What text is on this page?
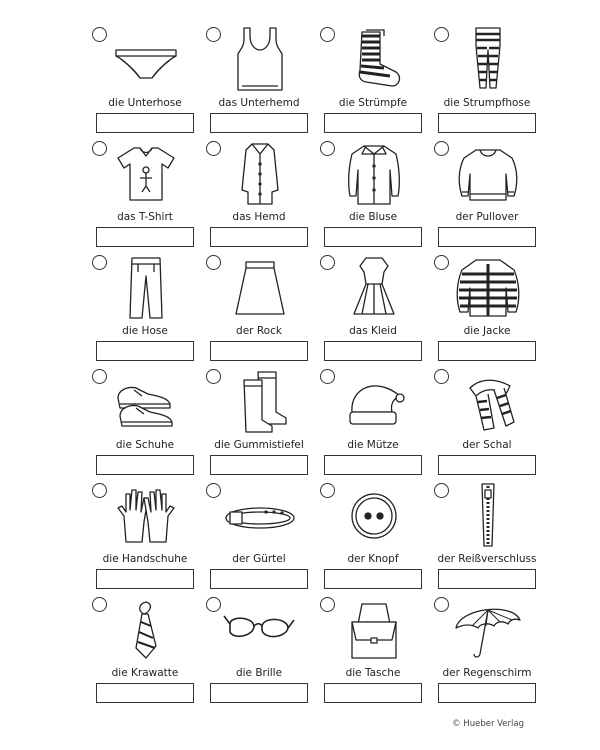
die Unterhose	das Unterhemd	die Strümpfe	die Strumpfhose
das T-Shirt	das Hemd	die Bluse	der Pullover
die Hose	der Rock	das Kleid	die Jacke
die Schuhe	die Gummistiefel	die Mütze	der Schal
die Handschuhe	der Gürtel	der Knopf	der Reißverschluss
die Krawatte	die Brille	die Tasche	der Regenschirm
© Hueber Verlag
